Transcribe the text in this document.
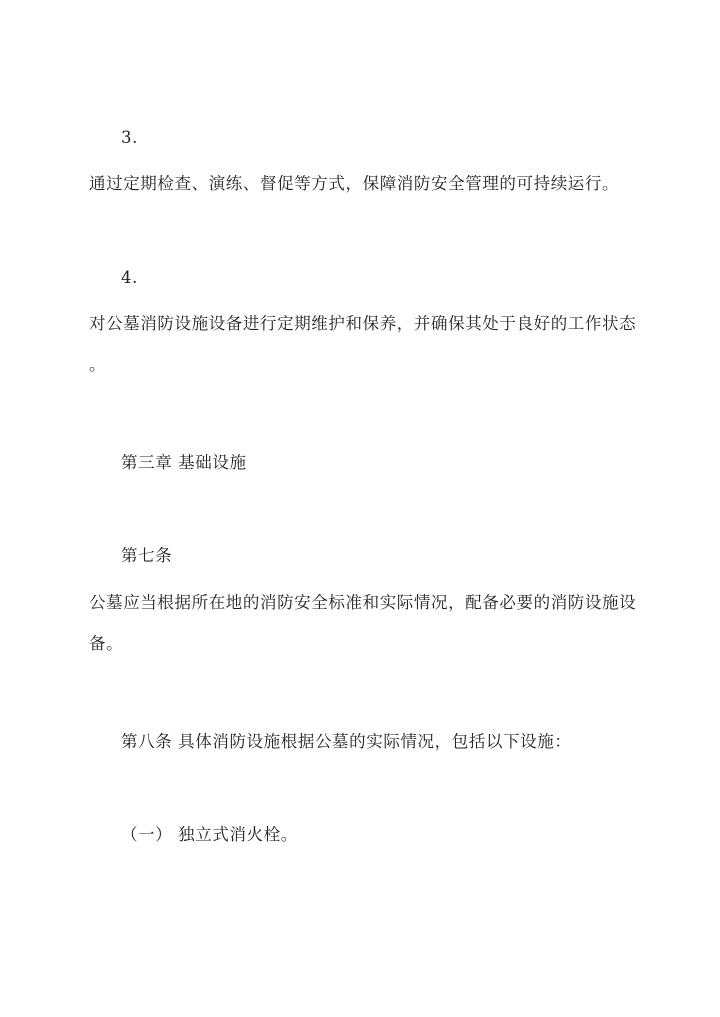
3.
通过定期检查、演练、督促等方式，保障消防安全管理的可持续运行。
4.
对公墓消防设施设备进行定期维护和保养，并确保其处于良好的工作状态
。
第三章 基础设施
第七条
公墓应当根据所在地的消防安全标准和实际情况，配备必要的消防设施设
备。
第八条 具体消防设施根据公墓的实际情况，包括以下设施：
（一） 独立式消火栓。
